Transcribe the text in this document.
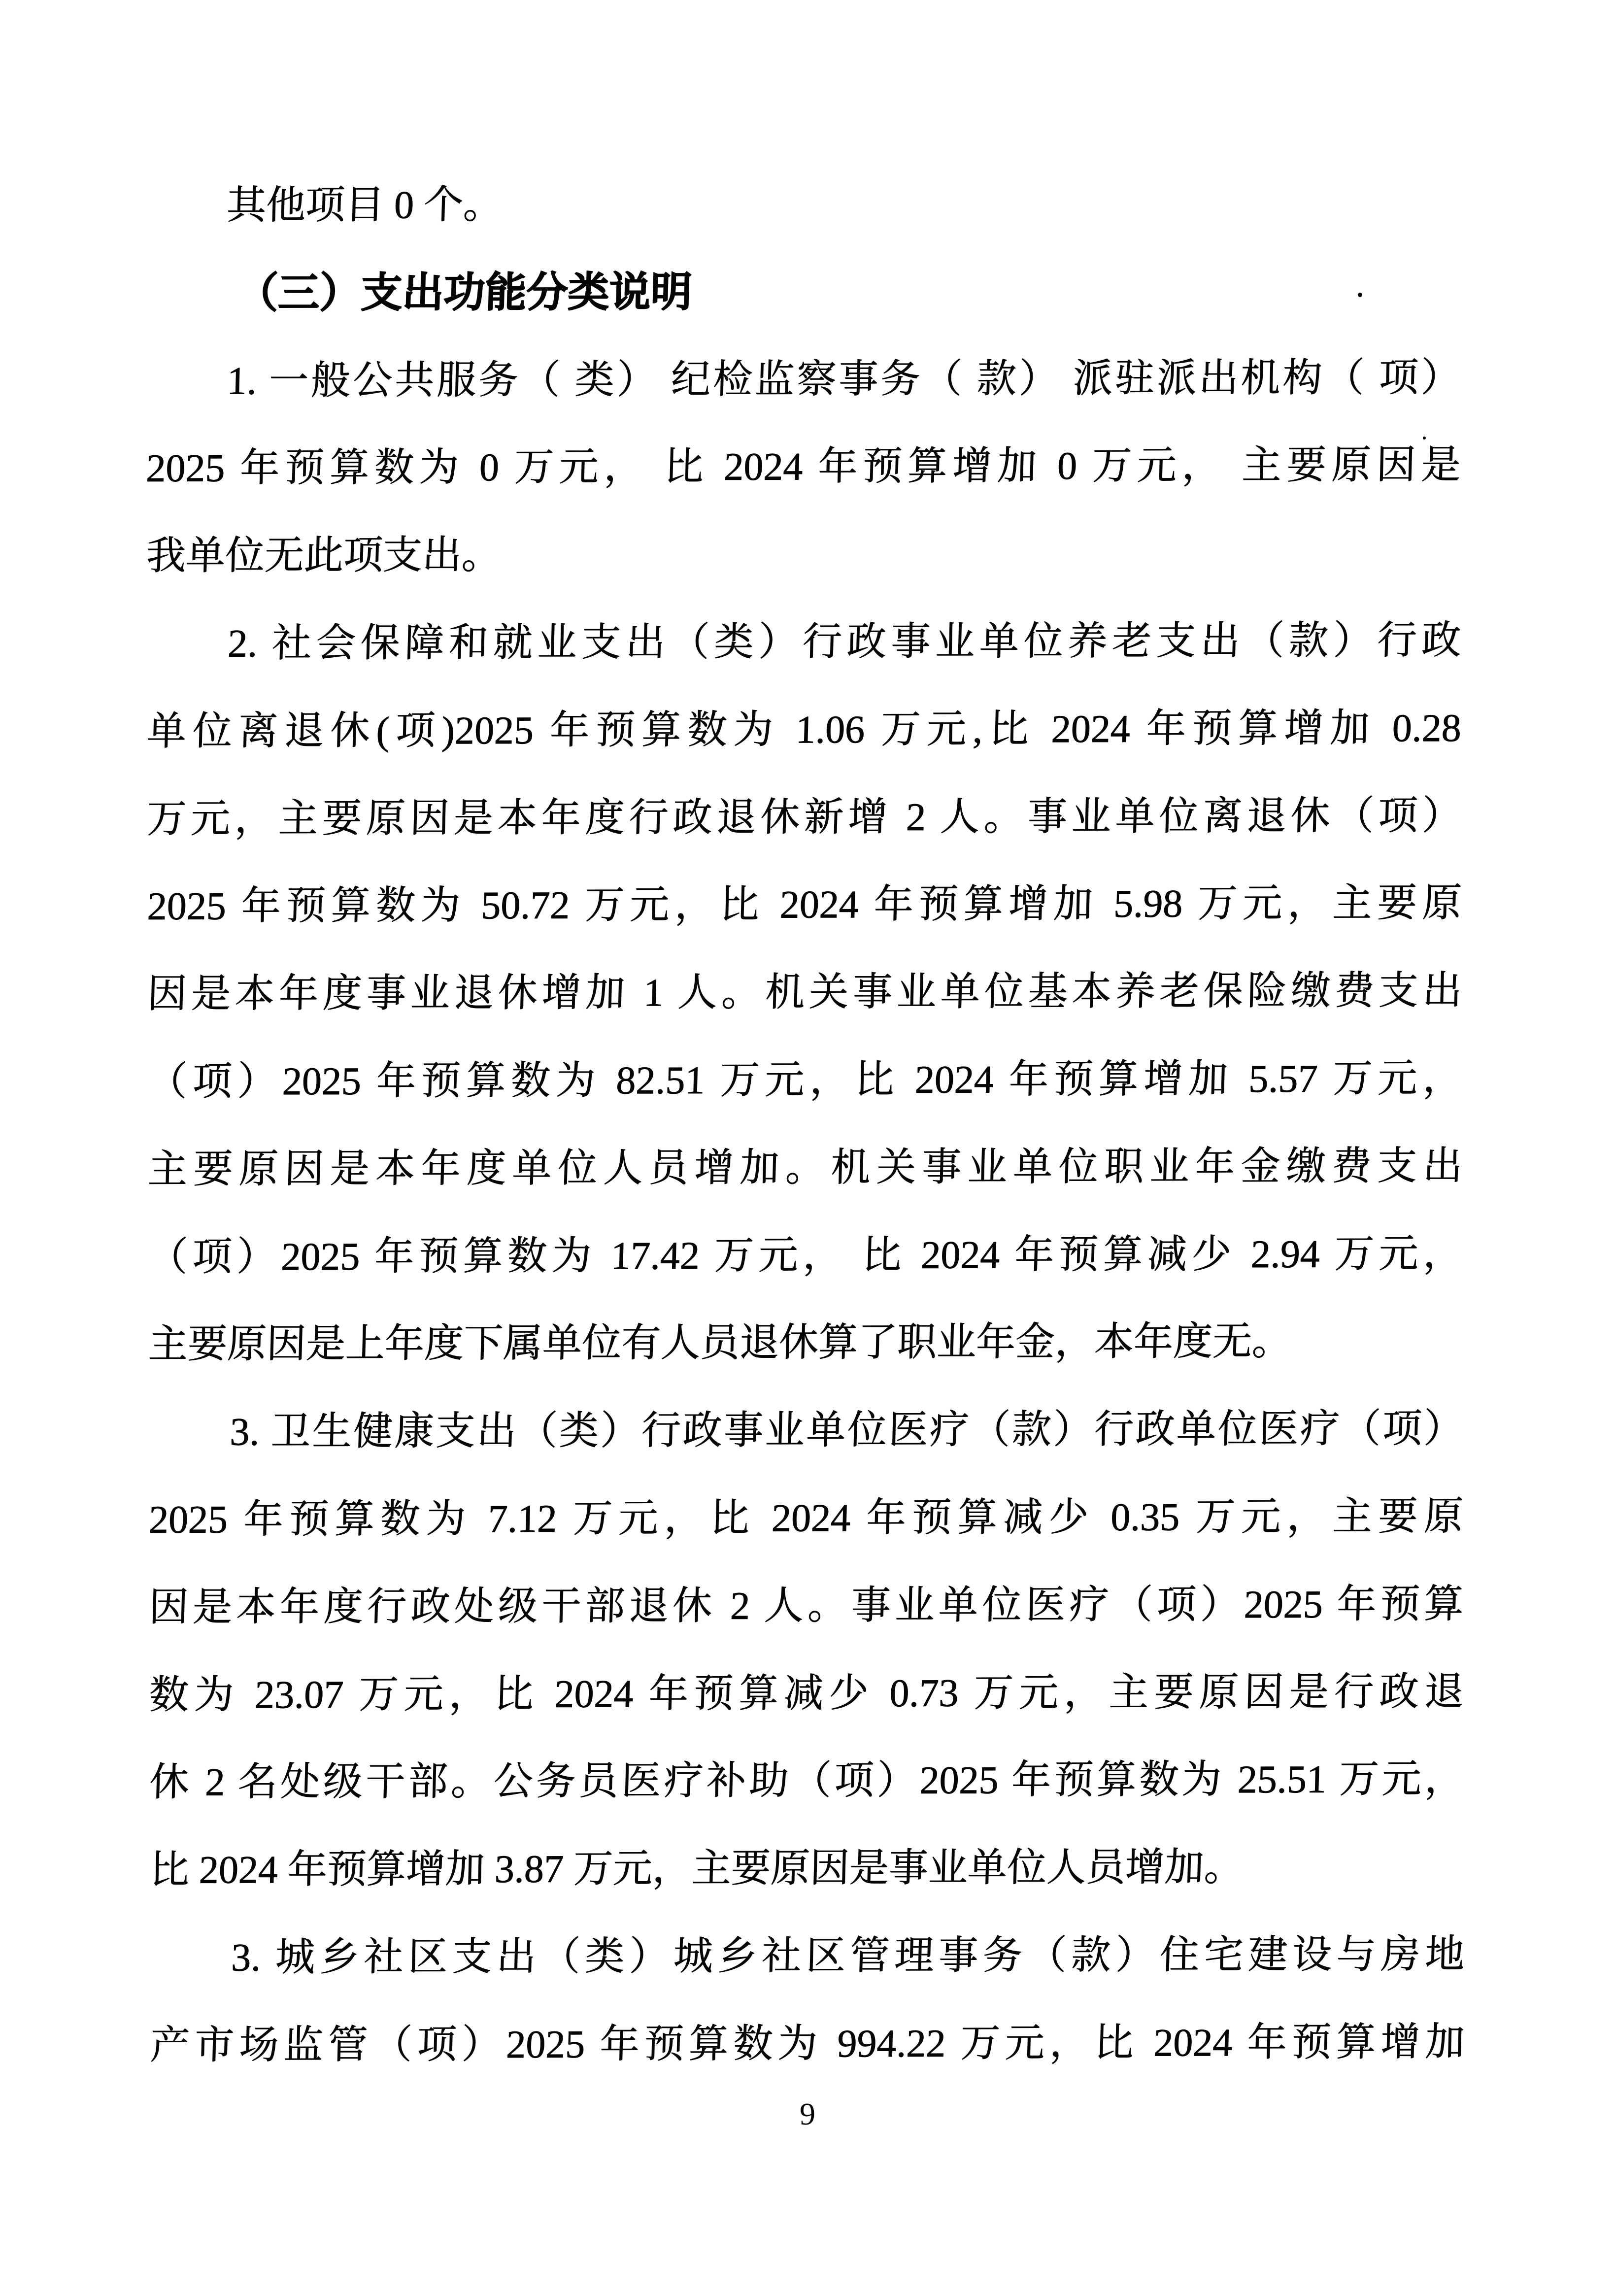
其他项目 0 个。
（三）支出功能分类说明
1. 一般公共服务（ 类） 纪检监察事务（ 款） 派驻派出机构（ 项）
2025 年预算数为 0 万元， 比 2024 年预算增加 0 万元， 主要原因是
我单位无此项支出。
2. 社会保障和就业支出（类）行政事业单位养老支出（款）行政
单位离退休(项)2025 年预算数为 1.06 万元,比 2024 年预算增加 0.28
万元，主要原因是本年度行政退休新增 2 人。事业单位离退休（项）
2025 年预算数为 50.72 万元，比 2024 年预算增加 5.98 万元，主要原
因是本年度事业退休增加 1 人。机关事业单位基本养老保险缴费支出
（项）2025 年预算数为 82.51 万元，比 2024 年预算增加 5.57 万元，
主要原因是本年度单位人员增加。机关事业单位职业年金缴费支出
（项）2025 年预算数为 17.42 万元， 比 2024 年预算减少 2.94 万元，
主要原因是上年度下属单位有人员退休算了职业年金，本年度无。
3. 卫生健康支出（类）行政事业单位医疗（款）行政单位医疗（项）
2025 年预算数为 7.12 万元，比 2024 年预算减少 0.35 万元，主要原
因是本年度行政处级干部退休 2 人。事业单位医疗（项）2025 年预算
数为 23.07 万元，比 2024 年预算减少 0.73 万元，主要原因是行政退
休 2 名处级干部。公务员医疗补助（项）2025 年预算数为 25.51 万元，
比 2024 年预算增加 3.87 万元，主要原因是事业单位人员增加。
3. 城乡社区支出（类）城乡社区管理事务（款）住宅建设与房地
产市场监管（项）2025 年预算数为 994.22 万元，比 2024 年预算增加
9
